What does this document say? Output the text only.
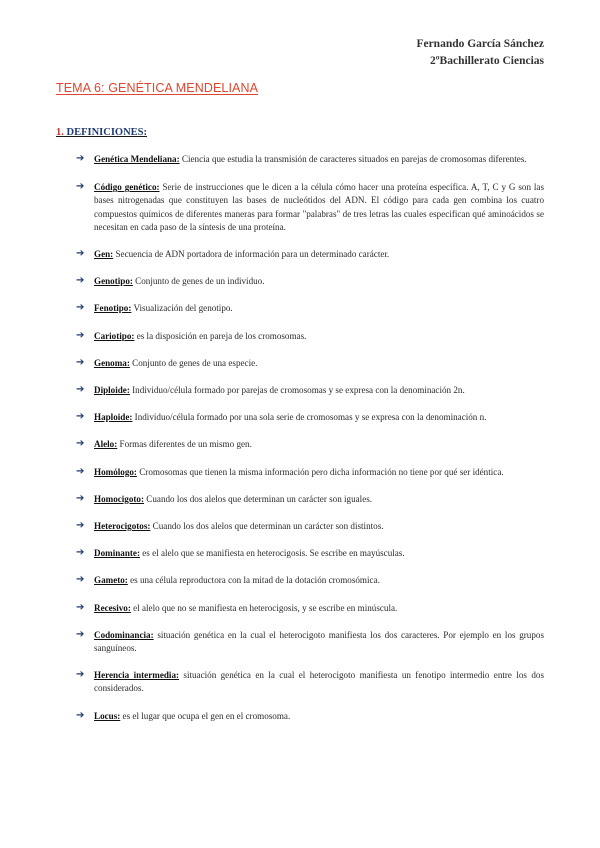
Fernando García Sánchez
2ºBachillerato Ciencias
TEMA 6: GENÉTICA MENDELIANA
1. DEFINICIONES:
➔ Genética Mendeliana: Ciencia que estudia la transmisión de caracteres situados en parejas de cromosomas diferentes.
➔ Código genético: Serie de instrucciones que le dicen a la célula cómo hacer una proteína específica. A, T, C y G son las bases nitrogenadas que constituyen las bases de nucleótidos del ADN. El código para cada gen combina los cuatro compuestos químicos de diferentes maneras para formar "palabras" de tres letras las cuales especifican qué aminoácidos se necesitan en cada paso de la síntesis de una proteína.
➔ Gen: Secuencia de ADN portadora de información para un determinado carácter.
➔ Genotipo: Conjunto de genes de un individuo.
➔ Fenotipo: Visualización del genotipo.
➔ Cariotipo: es la disposición en pareja de los cromosomas.
➔ Genoma: Conjunto de genes de una especie.
➔ Diploide: Individuo/célula formado por parejas de cromosomas y se expresa con la denominación 2n.
➔ Haploide: Individuo/célula formado por una sola serie de cromosomas y se expresa con la denominación n.
➔ Alelo: Formas diferentes de un mismo gen.
➔ Homólogo: Cromosomas que tienen la misma información pero dicha información no tiene por qué ser idéntica.
➔ Homocigoto: Cuando los dos alelos que determinan un carácter son iguales.
➔ Heterocigotos: Cuando los dos alelos que determinan un carácter son distintos.
➔ Dominante: es el alelo que se manifiesta en heterocigosis. Se escribe en mayúsculas.
➔ Gameto: es una célula reproductora con la mitad de la dotación cromosómica.
➔ Recesivo: el alelo que no se manifiesta en heterocigosis, y se escribe en minúscula.
➔ Codominancia: situación genética en la cual el heterocigoto manifiesta los dos caracteres. Por ejemplo en los grupos sanguíneos.
➔ Herencia intermedia: situación genética en la cual el heterocigoto manifiesta un fenotipo intermedio entre los dos considerados.
➔ Locus: es el lugar que ocupa el gen en el cromosoma.
